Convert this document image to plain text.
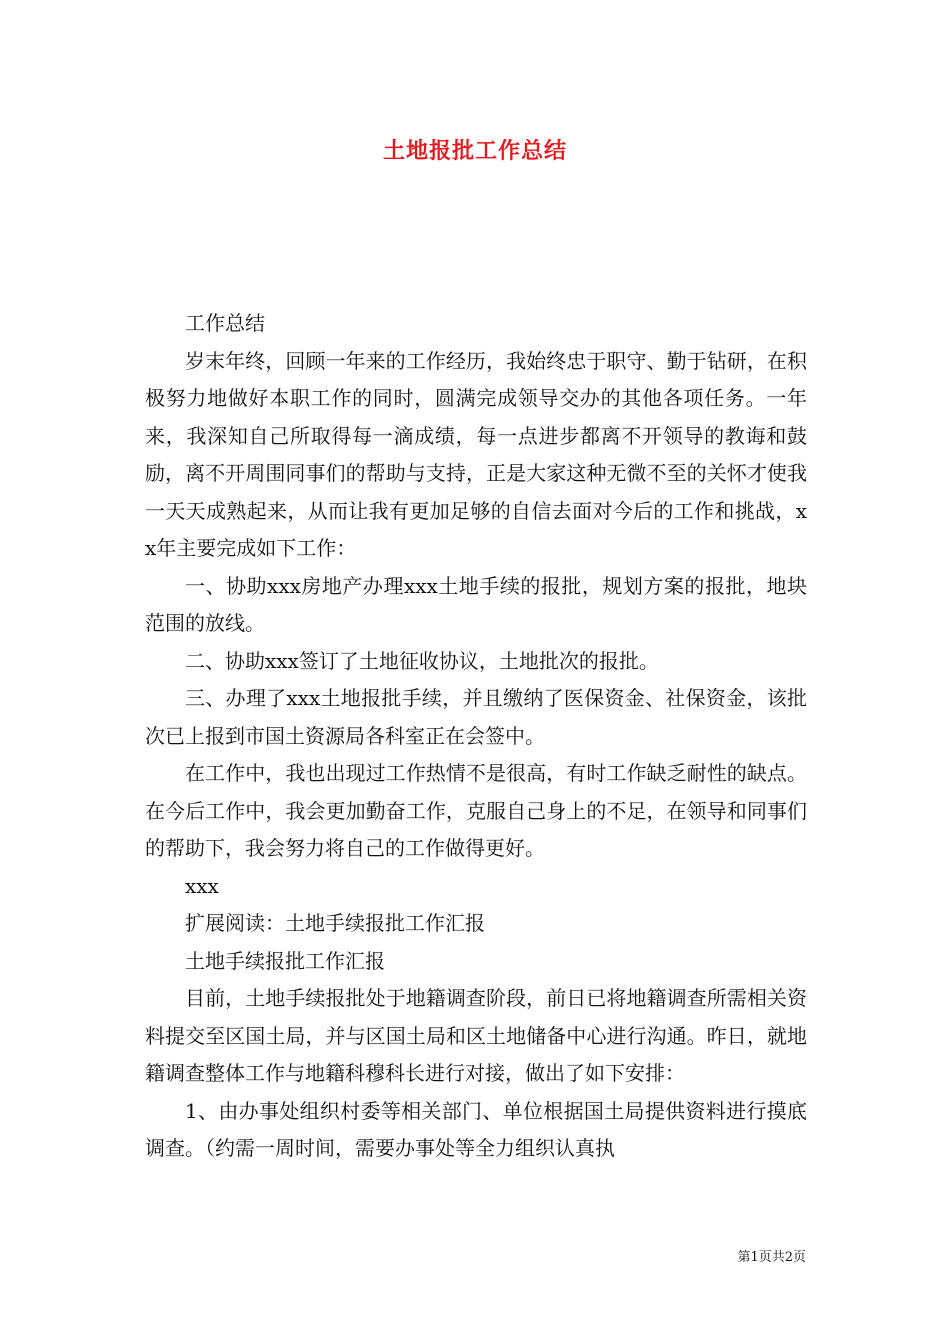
土地报批工作总结

工作总结

岁末年终，回顾一年来的工作经历，我始终忠于职守、勤于钻研，在积极努力地做好本职工作的同时，圆满完成领导交办的其他各项任务。一年来，我深知自己所取得每一滴成绩，每一点进步都离不开领导的教诲和鼓励，离不开周围同事们的帮助与支持，正是大家这种无微不至的关怀才使我一天天成熟起来，从而让我有更加足够的自信去面对今后的工作和挑战，xx年主要完成如下工作：

一、协助xxx房地产办理xxx土地手续的报批，规划方案的报批，地块范围的放线。

二、协助xxx签订了土地征收协议，土地批次的报批。

三、办理了xxx土地报批手续，并且缴纳了医保资金、社保资金，该批次已上报到市国土资源局各科室正在会签中。

在工作中，我也出现过工作热情不是很高，有时工作缺乏耐性的缺点。在今后工作中，我会更加勤奋工作，克服自己身上的不足，在领导和同事们的帮助下，我会努力将自己的工作做得更好。

xxx

扩展阅读：土地手续报批工作汇报

土地手续报批工作汇报

目前，土地手续报批处于地籍调查阶段，前日已将地籍调查所需相关资料提交至区国土局，并与区国土局和区土地储备中心进行沟通。昨日，就地籍调查整体工作与地籍科穆科长进行对接，做出了如下安排：

1、由办事处组织村委等相关部门、单位根据国土局提供资料进行摸底调查。（约需一周时间，需要办事处等全力组织认真执

第1页共2页
